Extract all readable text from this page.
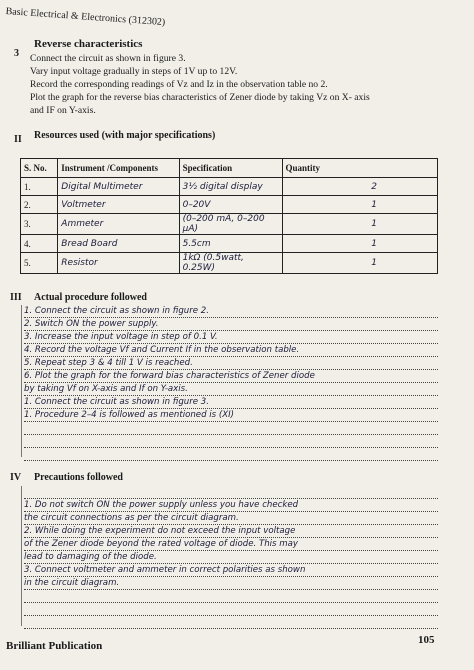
Basic Electrical & Electronics (312302)
Reverse characteristics
3 Connect the circuit as shown in figure 3.
Vary input voltage gradually in steps of 1V up to 12V.
Record the corresponding readings of Vz and Iz in the observation table no 2.
Plot the graph for the reverse bias characteristics of Zener diode by taking Vz on X- axis
and IF on Y-axis.
II Resources used (with major specifications)
S. No.	Instrument /Components	Specification	Quantity
1.	Digital Multimeter	3½ digital display	2
2.	Voltmeter	0–20V	1
3.	Ammeter	(0–200 mA, 0–200 μA)	1
4.	Bread Board	5.5cm	1
5.	Resistor	1kΩ (0.5watt, 0.25W)	1
III Actual procedure followed
1. Connect the circuit as shown in figure 2.
2. Switch ON the power supply.
3. Increase the input voltage in step of 0.1 V.
4. Record the voltage Vf and Current If in the observation table.
5. Repeat step 3 & 4 till 1 V is reached.
6. Plot the graph for the forward bias characteristics of Zener diode
by taking Vf on X-axis and If on Y-axis.
1. Connect the circuit as shown in figure 3.
1. Procedure 2–4 is followed as mentioned is (XI)
IV Precautions followed
1. Do not switch ON the power supply unless you have checked
the circuit connections as per the circuit diagram.
2. While doing the experiment do not exceed the input voltage
of the Zener diode beyond the rated voltage of diode. This may
lead to damaging of the diode.
3. Connect voltmeter and ammeter in correct polarities as shown
in the circuit diagram.
Brilliant Publication	105
